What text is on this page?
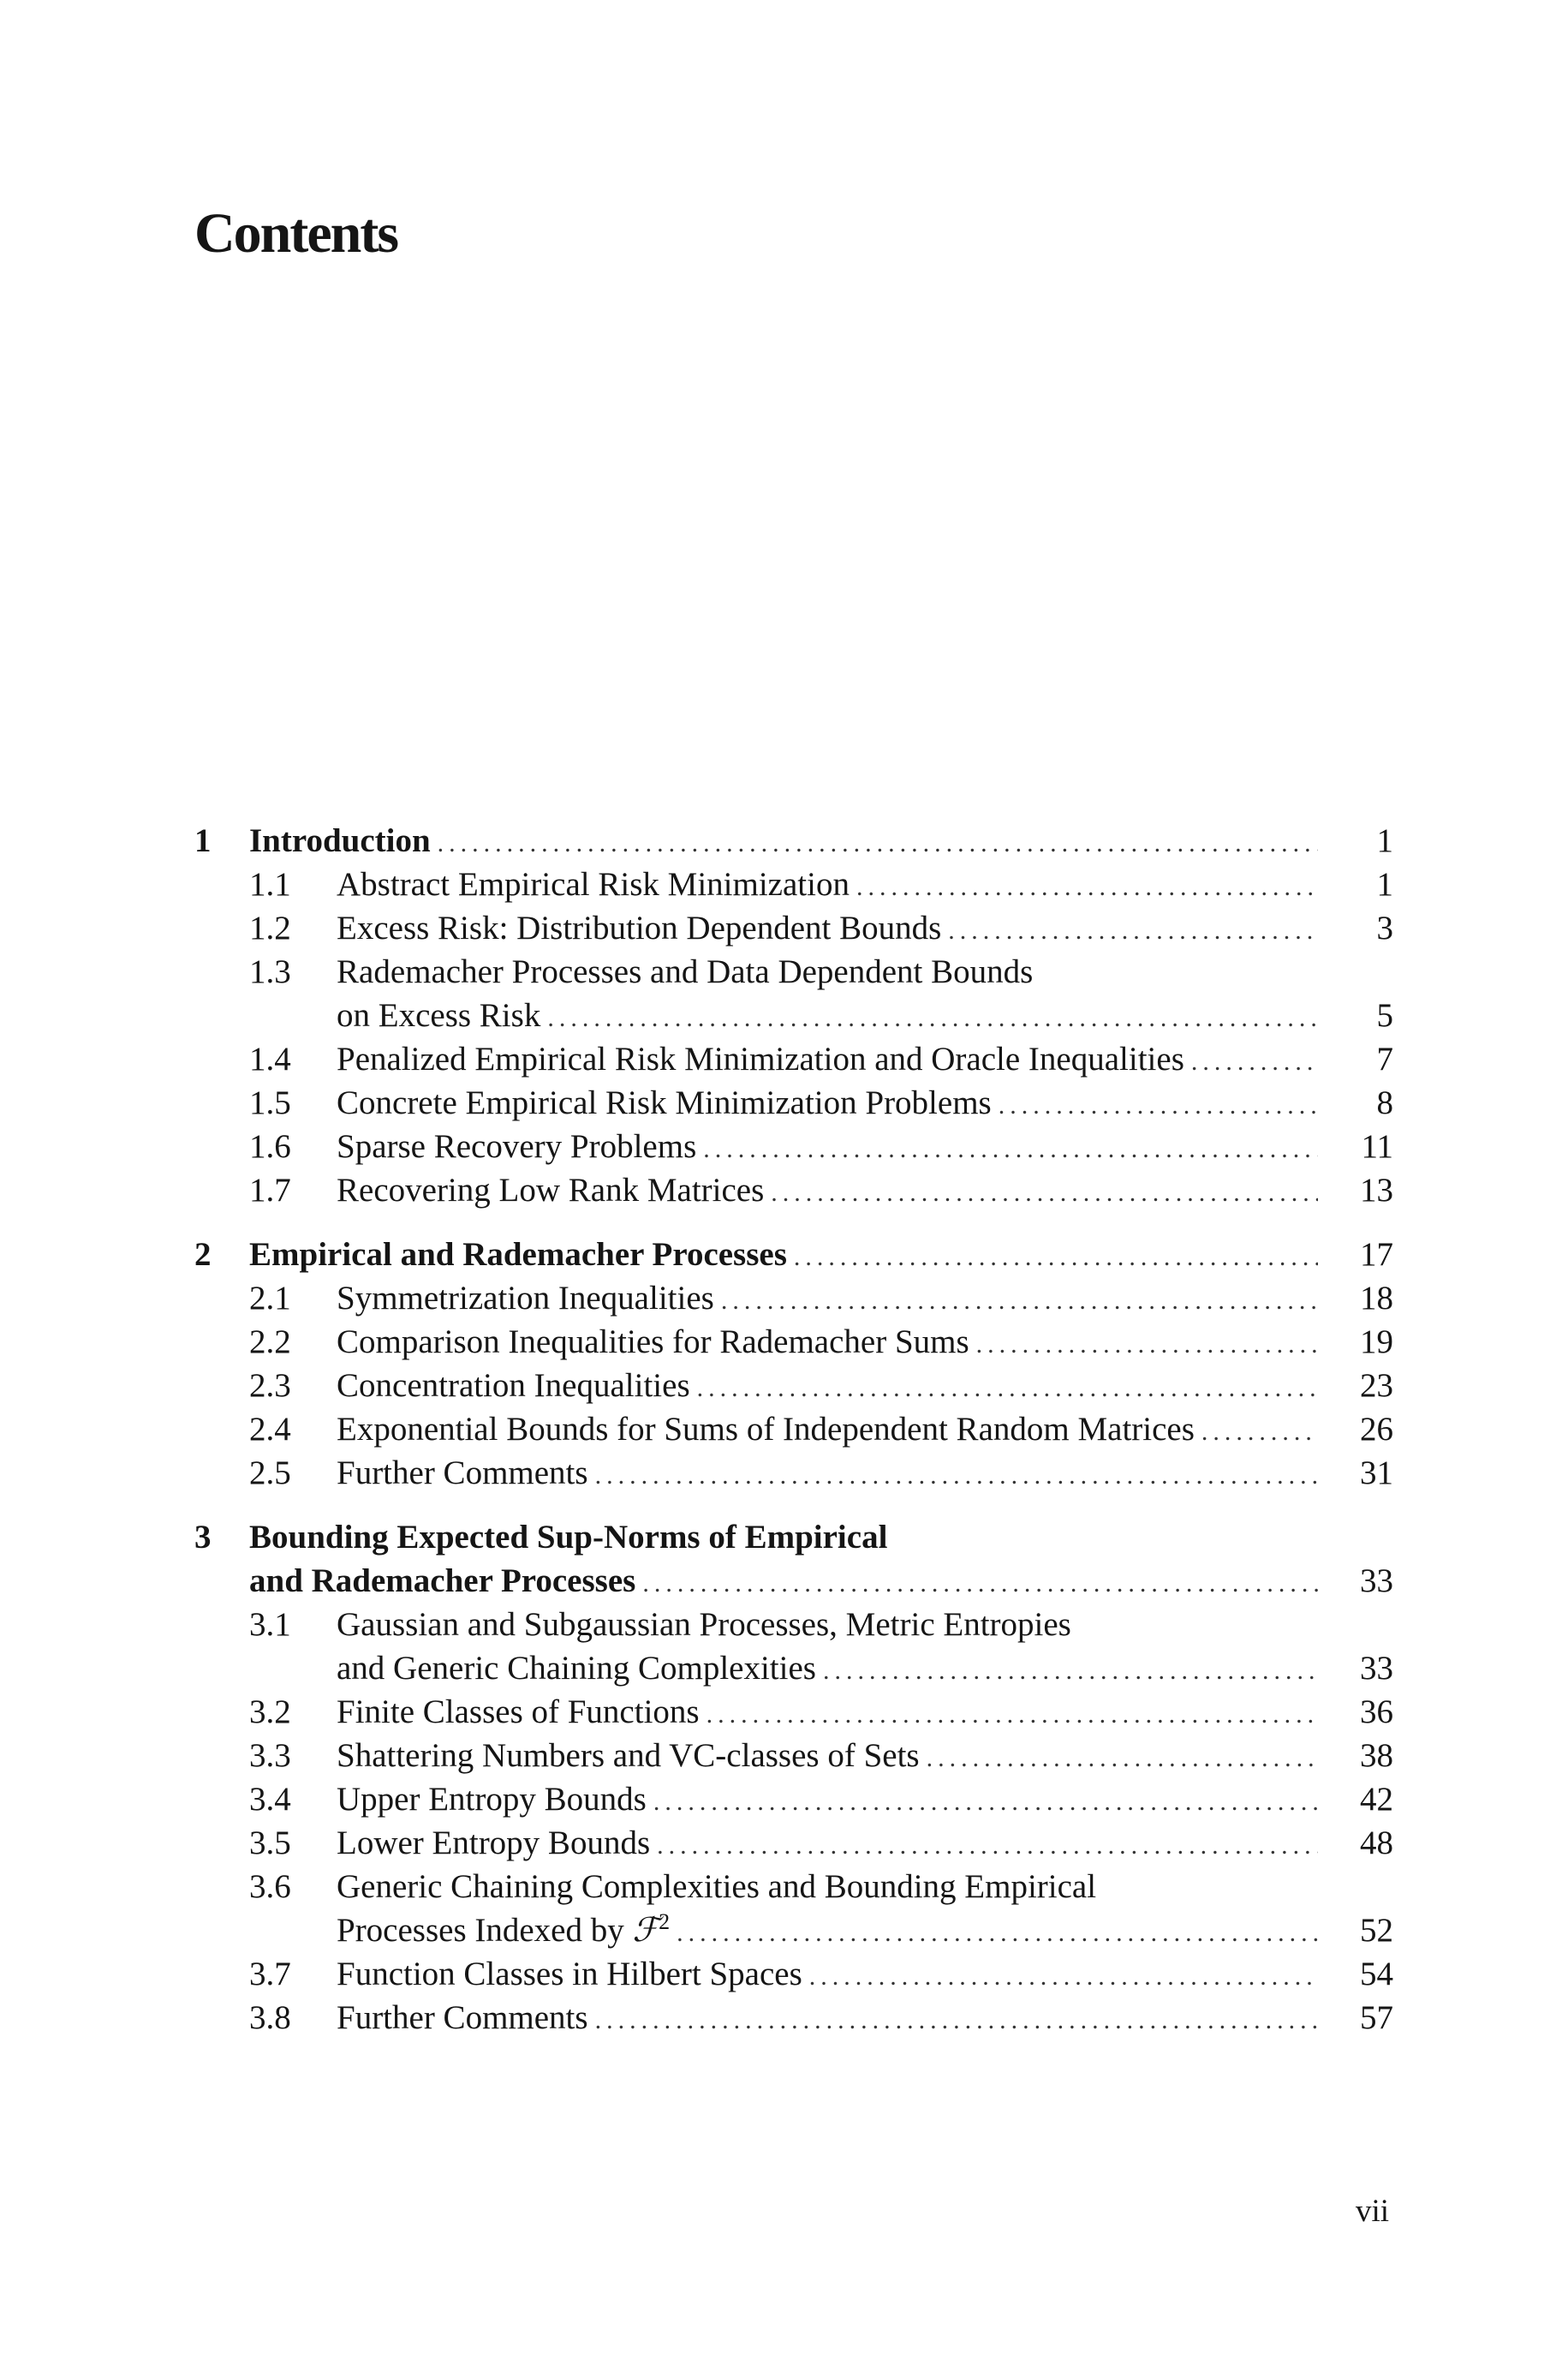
Contents
1	Introduction .....	1
1.1	Abstract Empirical Risk Minimization .....	1
1.2	Excess Risk: Distribution Dependent Bounds .....	3
1.3	Rademacher Processes and Data Dependent Bounds
on Excess Risk .....	5
1.4	Penalized Empirical Risk Minimization and Oracle Inequalities .....	7
1.5	Concrete Empirical Risk Minimization Problems .....	8
1.6	Sparse Recovery Problems .....	11
1.7	Recovering Low Rank Matrices .....	13
2	Empirical and Rademacher Processes .....	17
2.1	Symmetrization Inequalities .....	18
2.2	Comparison Inequalities for Rademacher Sums .....	19
2.3	Concentration Inequalities .....	23
2.4	Exponential Bounds for Sums of Independent Random Matrices .....	26
2.5	Further Comments .....	31
3	Bounding Expected Sup-Norms of Empirical
and Rademacher Processes .....	33
3.1	Gaussian and Subgaussian Processes, Metric Entropies
and Generic Chaining Complexities .....	33
3.2	Finite Classes of Functions .....	36
3.3	Shattering Numbers and VC-classes of Sets .....	38
3.4	Upper Entropy Bounds .....	42
3.5	Lower Entropy Bounds .....	48
3.6	Generic Chaining Complexities and Bounding Empirical
Processes Indexed by ℱ$^2$ .....	52
3.7	Function Classes in Hilbert Spaces .....	54
3.8	Further Comments .....	57
vii
